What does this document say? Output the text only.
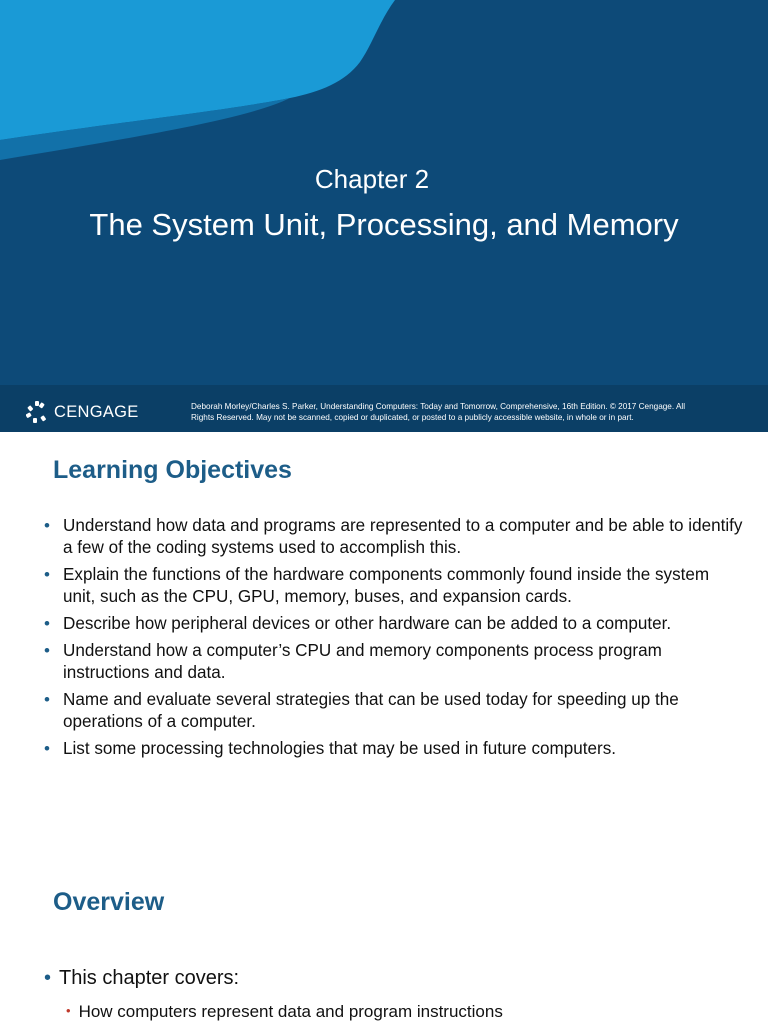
Chapter 2
The System Unit, Processing, and Memory
CENGAGE	Deborah Morley/Charles S. Parker, Understanding Computers: Today and Tomorrow, Comprehensive, 16th Edition. © 2017 Cengage. All
Rights Reserved. May not be scanned, copied or duplicated, or posted to a publicly accessible website, in whole or in part.
Learning Objectives
• Understand how data and programs are represented to a computer and be able to identify a few of the coding systems used to accomplish this.
• Explain the functions of the hardware components commonly found inside the system unit, such as the CPU, GPU, memory, buses, and expansion cards.
• Describe how peripheral devices or other hardware can be added to a computer.
• Understand how a computer’s CPU and memory components process program instructions and data.
• Name and evaluate several strategies that can be used today for speeding up the operations of a computer.
• List some processing technologies that may be used in future computers.
Overview
• This chapter covers:
• How computers represent data and program instructions
